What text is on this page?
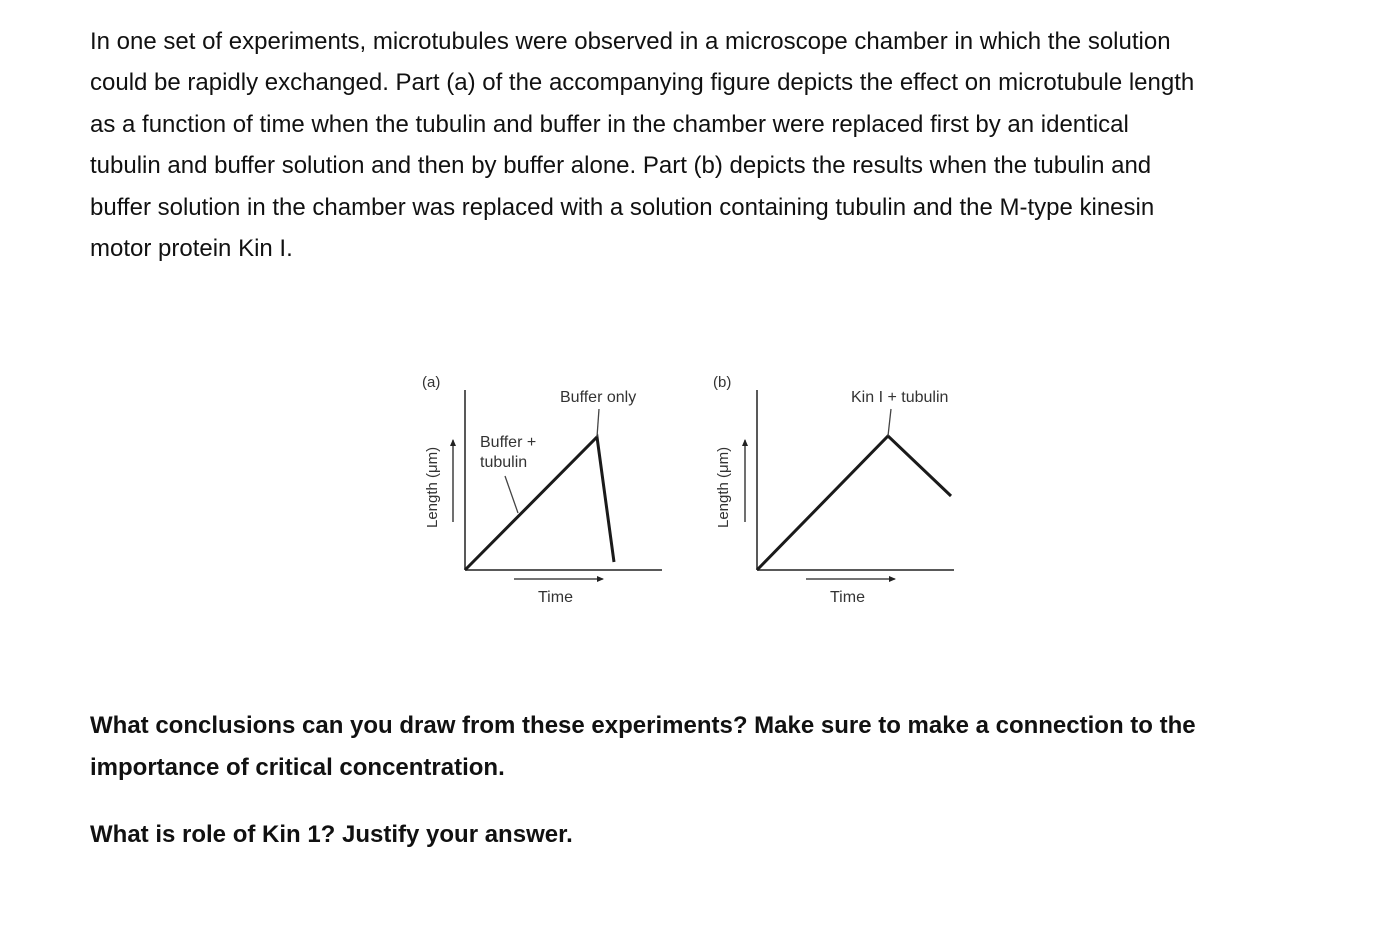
In one set of experiments, microtubules were observed in a microscope chamber in which the solution

could be rapidly exchanged. Part (a) of the accompanying figure depicts the effect on microtubule length

as a function of time when the tubulin and buffer in the chamber were replaced first by an identical

tubulin and buffer solution and then by buffer alone. Part (b) depicts the results when the tubulin and

buffer solution in the chamber was replaced with a solution containing tubulin and the M-type kinesin

motor protein Kin I.

(a)
Buffer only
Buffer +
tubulin
Length (μm)
Time
(b)
Kin I + tubulin
Length (μm)
Time

What conclusions can you draw from these experiments? Make sure to make a connection to the

importance of critical concentration.

What is role of Kin 1? Justify your answer.
